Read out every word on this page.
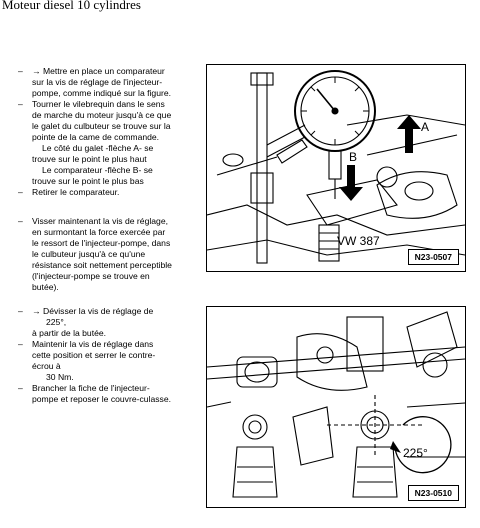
Moteur diesel 10 cylindres
–	→ Mettre en place un comparateur
sur la vis de réglage de l'injecteur-
pompe, comme indiqué sur la figure.
–	Tourner le vilebrequin dans le sens
de marche du moteur jusqu'à ce que
le galet du culbuteur se trouve sur la
pointe de la came de commande.
Le côté du galet -flèche A- se
trouve sur le point le plus haut
Le comparateur -flèche B- se
trouve sur le point le plus bas
–	Retirer le comparateur.
–	Visser maintenant la vis de réglage,
en surmontant la force exercée par
le ressort de l'injecteur-pompe, dans
le culbuteur jusqu'à ce qu'une
résistance soit nettement perceptible
(l'injecteur-pompe se trouve en
butée).
–	→ Dévisser la vis de réglage de
225°,
à partir de la butée.
–	Maintenir la vis de réglage dans
cette position et serrer le contre-
écrou à
30 Nm.
–	Brancher la fiche de l'injecteur-
pompe et reposer le couvre-culasse.
A
B
VW 387
N23-0507
225°
N23-0510
